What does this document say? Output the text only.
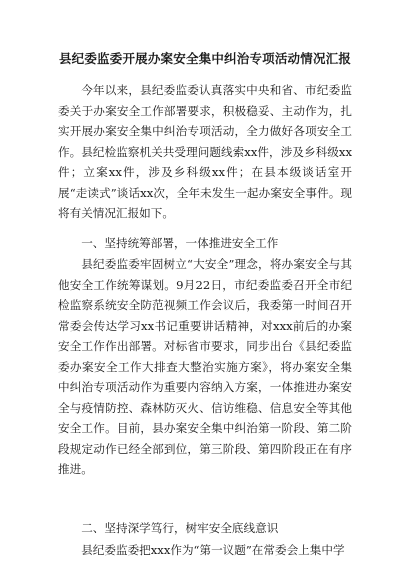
县纪委监委开展办案安全集中纠治专项活动情况汇报

今年以来，县纪委监委认真落实中央和省、市纪委监委关于办案安全工作部署要求，积极稳妥、主动作为，扎实开展办案安全集中纠治专项活动，全力做好各项安全工作。县纪检监察机关共受理问题线索xx件，涉及乡科级xx件；立案xx件，涉及乡科级xx件；在县本级谈话室开展“走读式”谈话xx次，全年未发生一起办案安全事件。现将有关情况汇报如下。

一、坚持统筹部署，一体推进安全工作

县纪委监委牢固树立“大安全”理念，将办案安全与其他安全工作统筹谋划。9月22日，市纪委监委召开全市纪检监察系统安全防范视频工作会议后，我委第一时间召开常委会传达学习xx书记重要讲话精神，对xxx前后的办案安全工作作出部署。对标省市要求，同步出台《县纪委监委办案安全工作大排查大整治实施方案》，将办案安全集中纠治专项活动作为重要内容纳入方案，一体推进办案安全与疫情防控、森林防灭火、信访维稳、信息安全等其他安全工作。目前，县办案安全集中纠治第一阶段、第二阶段规定动作已经全部到位，第三阶段、第四阶段正在有序推进。

二、坚持深学笃行，树牢安全底线意识

县纪委监委把xxx作为“第一议题”在常委会上集中学
